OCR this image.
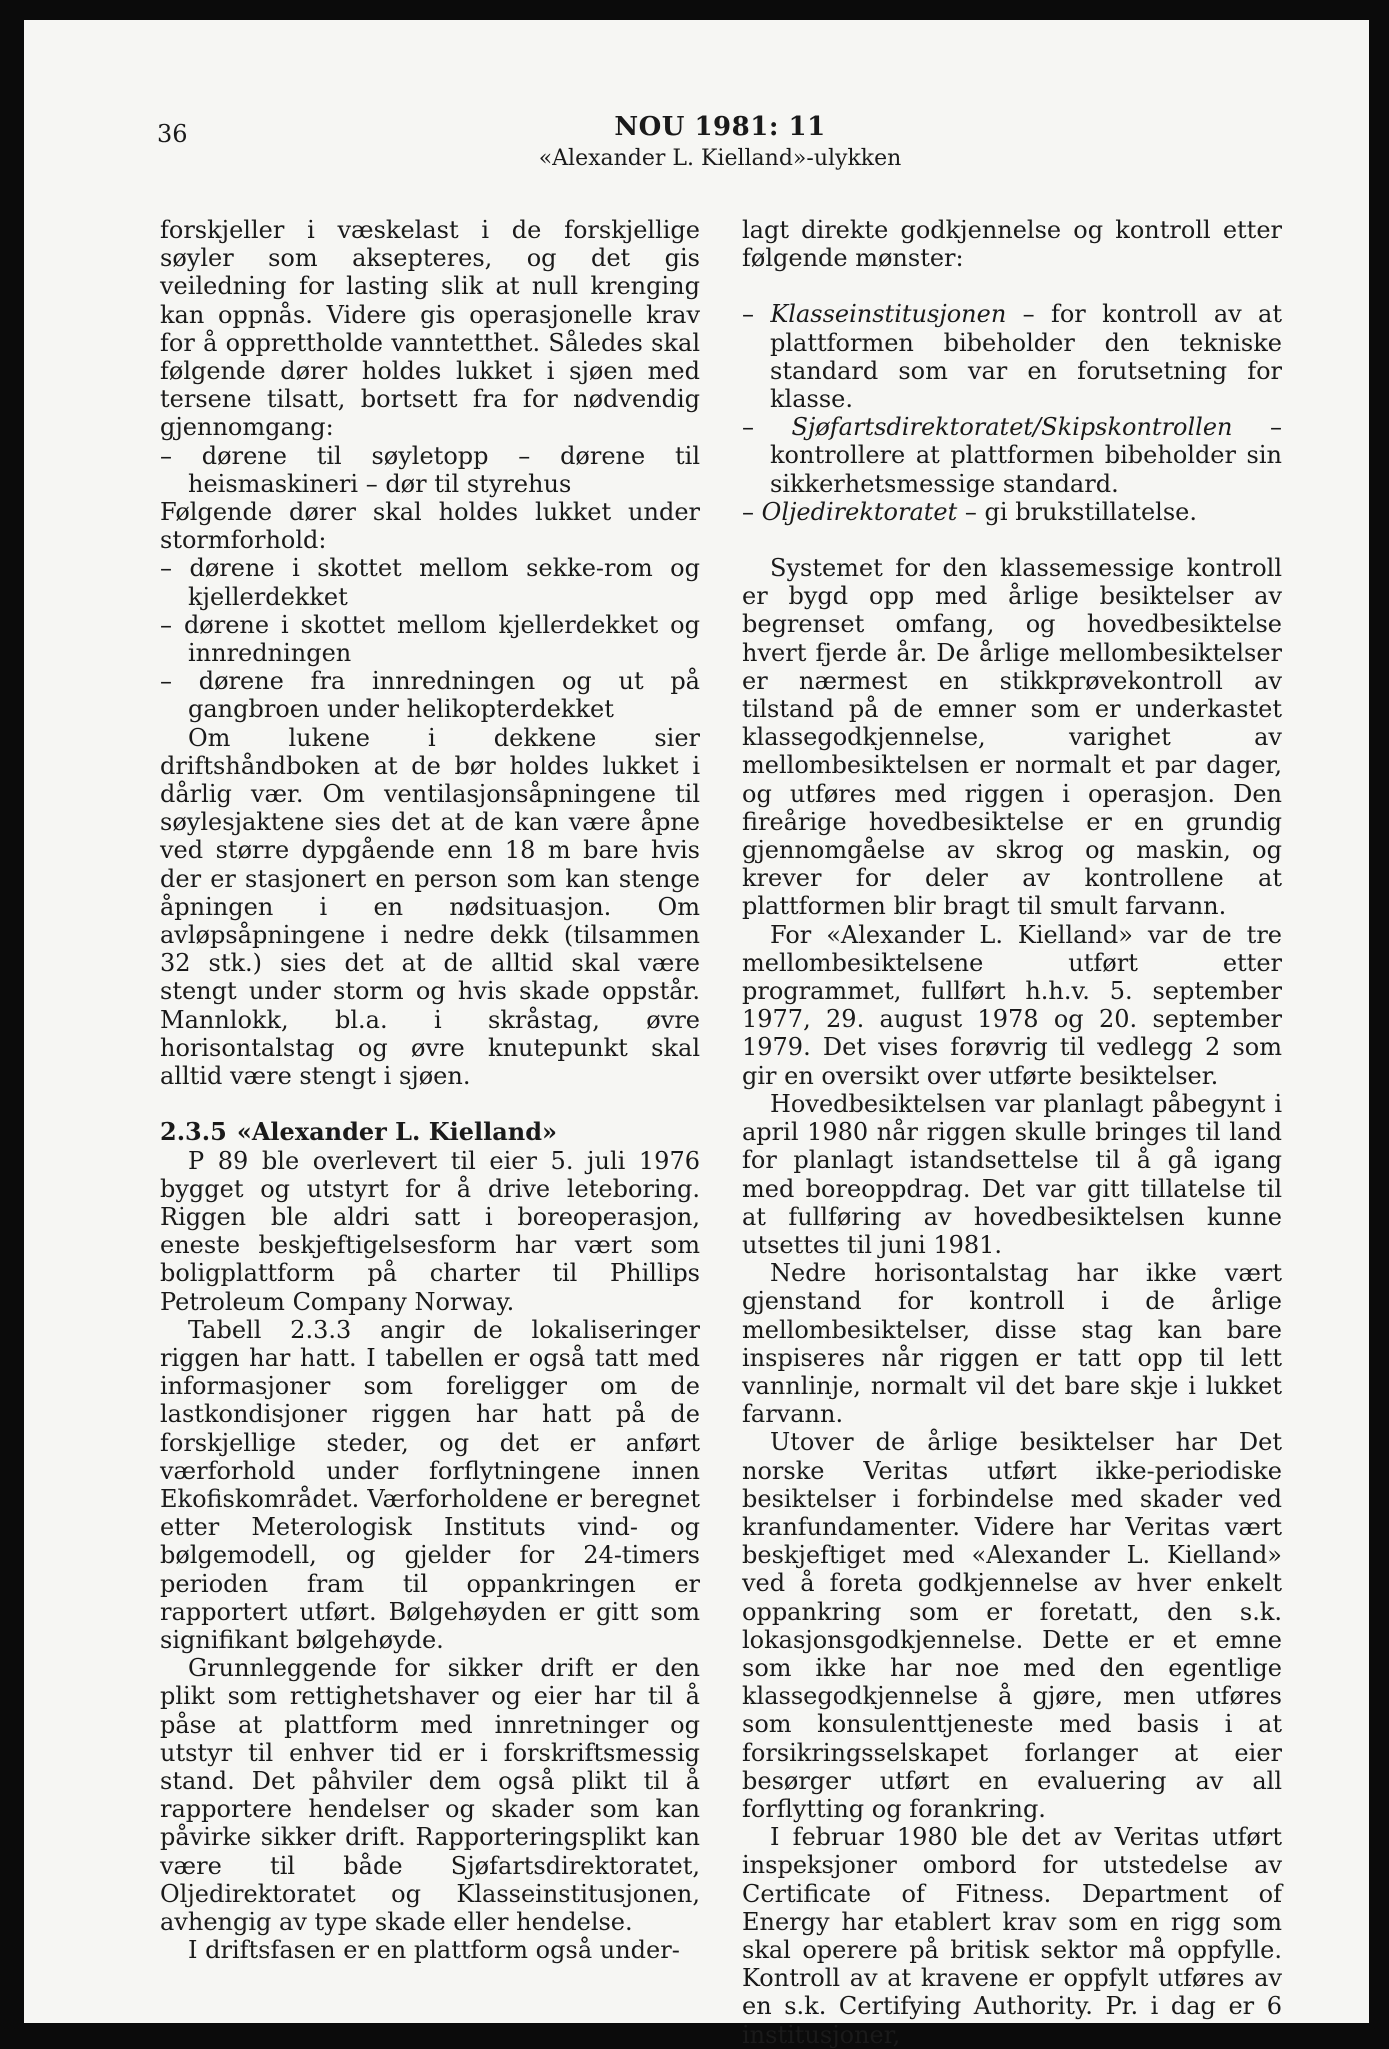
36	NOU 1981: 11
«Alexander L. Kielland»-ulykken

forskjeller i væskelast i de forskjellige søyler som aksepteres, og det gis veiledning for lasting slik at null krenging kan oppnås. Videre gis operasjonelle krav for å opprettholde vanntetthet. Således skal følgende dører holdes lukket i sjøen med tersene tilsatt, bortsett fra for nødvendig gjennomgang:

– dørene til søyletopp – dørene til heismaskineri – dør til styrehus

Følgende dører skal holdes lukket under stormforhold:

– dørene i skottet mellom sekke-rom og kjellerdekket
– dørene i skottet mellom kjellerdekket og innredningen
– dørene fra innredningen og ut på gangbroen under helikopterdekket

Om lukene i dekkene sier driftshåndboken at de bør holdes lukket i dårlig vær. Om ventilasjonsåpningene til søylesjaktene sies det at de kan være åpne ved større dypgående enn 18 m bare hvis der er stasjonert en person som kan stenge åpningen i en nødsituasjon. Om avløpsåpningene i nedre dekk (tilsammen 32 stk.) sies det at de alltid skal være stengt under storm og hvis skade oppstår. Mannlokk, bl.a. i skråstag, øvre horisontalstag og øvre knutepunkt skal alltid være stengt i sjøen.

2.3.5 «Alexander L. Kielland»

P 89 ble overlevert til eier 5. juli 1976 bygget og utstyrt for å drive leteboring. Riggen ble aldri satt i boreoperasjon, eneste beskjeftigelsesform har vært som boligplattform på charter til Phillips Petroleum Company Norway.

Tabell 2.3.3 angir de lokaliseringer riggen har hatt. I tabellen er også tatt med informasjoner som foreligger om de lastkondisjoner riggen har hatt på de forskjellige steder, og det er anført værforhold under forflytningene innen Ekofiskområdet. Værforholdene er beregnet etter Meterologisk Instituts vind- og bølgemodell, og gjelder for 24-timers perioden fram til oppankringen er rapportert utført. Bølgehøyden er gitt som signifikant bølgehøyde.

Grunnleggende for sikker drift er den plikt som rettighetshaver og eier har til å påse at plattform med innretninger og utstyr til enhver tid er i forskriftsmessig stand. Det påhviler dem også plikt til å rapportere hendelser og skader som kan påvirke sikker drift. Rapporteringsplikt kan være til både Sjøfartsdirektoratet, Oljedirektoratet og Klasseinstitusjonen, avhengig av type skade eller hendelse.

I driftsfasen er en plattform også under-

lagt direkte godkjennelse og kontroll etter følgende mønster:

– Klasseinstitusjonen – for kontroll av at plattformen bibeholder den tekniske standard som var en forutsetning for klasse.
– Sjøfartsdirektoratet/Skipskontrollen – kontrollere at plattformen bibeholder sin sikkerhetsmessige standard.
– Oljedirektoratet – gi brukstillatelse.

Systemet for den klassemessige kontroll er bygd opp med årlige besiktelser av begrenset omfang, og hovedbesiktelse hvert fjerde år. De årlige mellombesiktelser er nærmest en stikkprøvekontroll av tilstand på de emner som er underkastet klassegodkjennelse, varighet av mellombesiktelsen er normalt et par dager, og utføres med riggen i operasjon. Den fireårige hovedbesiktelse er en grundig gjennomgåelse av skrog og maskin, og krever for deler av kontrollene at plattformen blir bragt til smult farvann.

For «Alexander L. Kielland» var de tre mellombesiktelsene utført etter programmet, fullført h.h.v. 5. september 1977, 29. august 1978 og 20. september 1979. Det vises forøvrig til vedlegg 2 som gir en oversikt over utførte besiktelser.

Hovedbesiktelsen var planlagt påbegynt i april 1980 når riggen skulle bringes til land for planlagt istandsettelse til å gå igang med boreoppdrag. Det var gitt tillatelse til at fullføring av hovedbesiktelsen kunne utsettes til juni 1981.

Nedre horisontalstag har ikke vært gjenstand for kontroll i de årlige mellombesiktelser, disse stag kan bare inspiseres når riggen er tatt opp til lett vannlinje, normalt vil det bare skje i lukket farvann.

Utover de årlige besiktelser har Det norske Veritas utført ikke-periodiske besiktelser i forbindelse med skader ved kranfundamenter. Videre har Veritas vært beskjeftiget med «Alexander L. Kielland» ved å foreta godkjennelse av hver enkelt oppankring som er foretatt, den s.k. lokasjonsgodkjennelse. Dette er et emne som ikke har noe med den egentlige klassegodkjennelse å gjøre, men utføres som konsulenttjeneste med basis i at forsikringsselskapet forlanger at eier besørger utført en evaluering av all forflytting og forankring.

I februar 1980 ble det av Veritas utført inspeksjoner ombord for utstedelse av Certificate of Fitness. Department of Energy har etablert krav som en rigg som skal operere på britisk sektor må oppfylle. Kontroll av at kravene er oppfylt utføres av en s.k. Certifying Authority. Pr. i dag er 6 institusjoner,
